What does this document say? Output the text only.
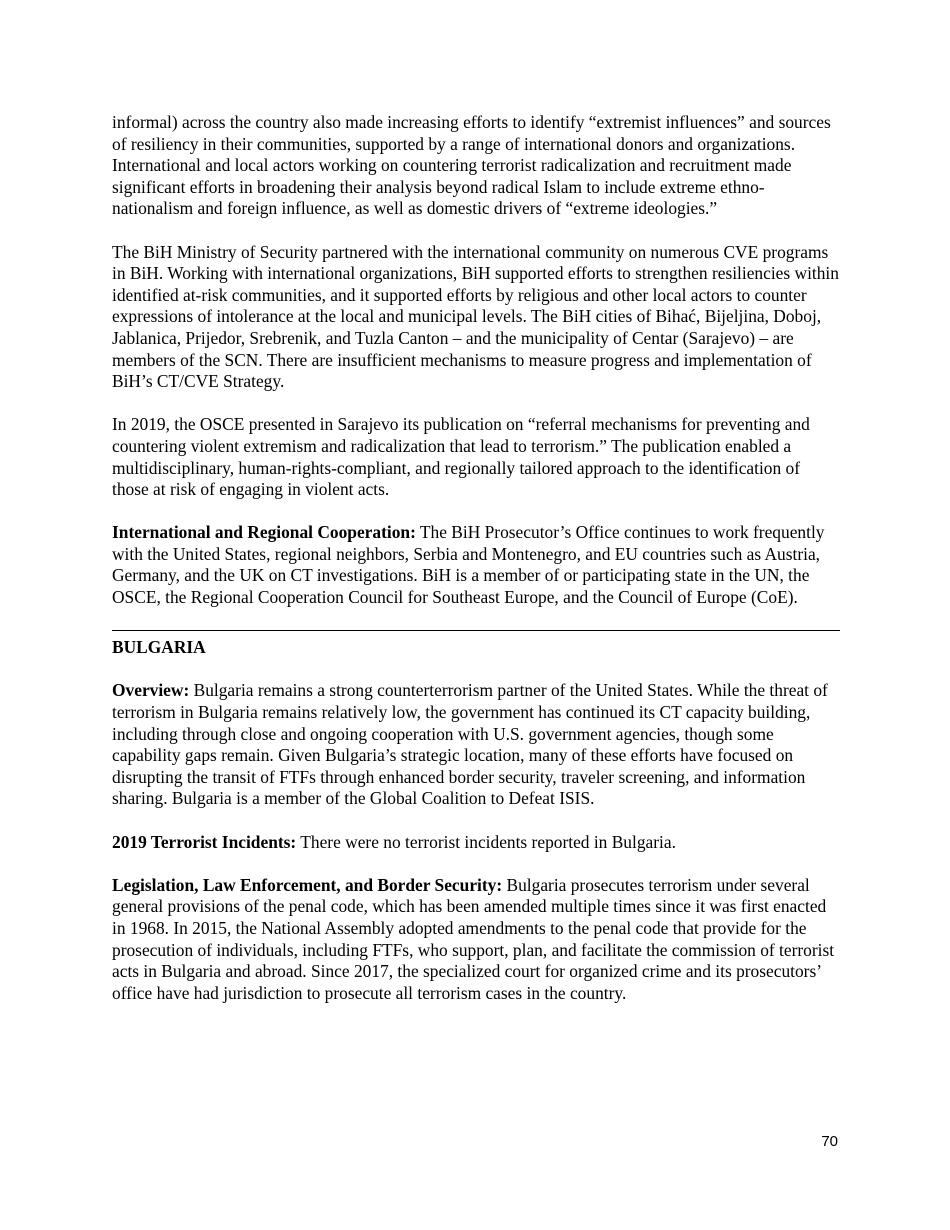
informal) across the country also made increasing efforts to identify “extremist influences” and sources of resiliency in their communities, supported by a range of international donors and organizations. International and local actors working on countering terrorist radicalization and recruitment made significant efforts in broadening their analysis beyond radical Islam to include extreme ethno-nationalism and foreign influence, as well as domestic drivers of “extreme ideologies.”

The BiH Ministry of Security partnered with the international community on numerous CVE programs in BiH. Working with international organizations, BiH supported efforts to strengthen resiliencies within identified at-risk communities, and it supported efforts by religious and other local actors to counter expressions of intolerance at the local and municipal levels. The BiH cities of Bihać, Bijeljina, Doboj, Jablanica, Prijedor, Srebrenik, and Tuzla Canton – and the municipality of Centar (Sarajevo) – are members of the SCN. There are insufficient mechanisms to measure progress and implementation of BiH’s CT/CVE Strategy.

In 2019, the OSCE presented in Sarajevo its publication on “referral mechanisms for preventing and countering violent extremism and radicalization that lead to terrorism.” The publication enabled a multidisciplinary, human-rights-compliant, and regionally tailored approach to the identification of those at risk of engaging in violent acts.

International and Regional Cooperation: The BiH Prosecutor’s Office continues to work frequently with the United States, regional neighbors, Serbia and Montenegro, and EU countries such as Austria, Germany, and the UK on CT investigations. BiH is a member of or participating state in the UN, the OSCE, the Regional Cooperation Council for Southeast Europe, and the Council of Europe (CoE).

BULGARIA

Overview: Bulgaria remains a strong counterterrorism partner of the United States. While the threat of terrorism in Bulgaria remains relatively low, the government has continued its CT capacity building, including through close and ongoing cooperation with U.S. government agencies, though some capability gaps remain. Given Bulgaria’s strategic location, many of these efforts have focused on disrupting the transit of FTFs through enhanced border security, traveler screening, and information sharing. Bulgaria is a member of the Global Coalition to Defeat ISIS.

2019 Terrorist Incidents: There were no terrorist incidents reported in Bulgaria.

Legislation, Law Enforcement, and Border Security: Bulgaria prosecutes terrorism under several general provisions of the penal code, which has been amended multiple times since it was first enacted in 1968. In 2015, the National Assembly adopted amendments to the penal code that provide for the prosecution of individuals, including FTFs, who support, plan, and facilitate the commission of terrorist acts in Bulgaria and abroad. Since 2017, the specialized court for organized crime and its prosecutors’ office have had jurisdiction to prosecute all terrorism cases in the country.

70
